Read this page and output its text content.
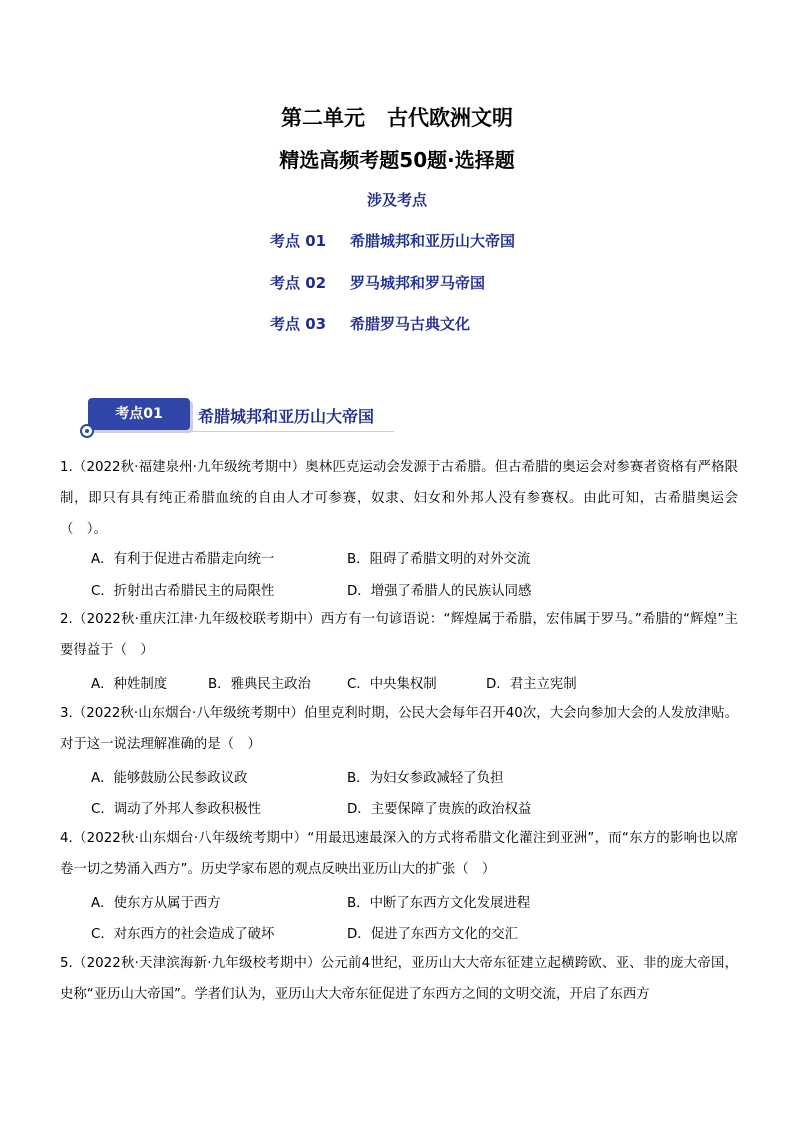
第二单元 古代欧洲文明
精选高频考题50题·选择题
涉及考点
考点 01 希腊城邦和亚历山大帝国
考点 02 罗马城邦和罗马帝国
考点 03 希腊罗马古典文化
考点01	希腊城邦和亚历山大帝国
1.（2022秋·福建泉州·九年级统考期中）奥林匹克运动会发源于古希腊。但古希腊的奥运会对参赛者资格有严格限制，即只有具有纯正希腊血统的自由人才可参赛，奴隶、妇女和外邦人没有参赛权。由此可知，古希腊奥运会（　）。
A．有利于促进古希腊走向统一	B．阻碍了希腊文明的对外交流
C．折射出古希腊民主的局限性	D．增强了希腊人的民族认同感
2.（2022秋·重庆江津·九年级校联考期中）西方有一句谚语说：“辉煌属于希腊，宏伟属于罗马。”希腊的“辉煌”主要得益于（　）
A．种姓制度	B．雅典民主政治	C．中央集权制	D．君主立宪制
3.（2022秋·山东烟台·八年级统考期中）伯里克利时期，公民大会每年召开40次，大会向参加大会的人发放津贴。对于这一说法理解准确的是（　）
A．能够鼓励公民参政议政	B．为妇女参政减轻了负担
C．调动了外邦人参政积极性	D．主要保障了贵族的政治权益
4.（2022秋·山东烟台·八年级统考期中）“用最迅速最深入的方式将希腊文化灌注到亚洲”，而“东方的影响也以席卷一切之势涌入西方”。历史学家布恩的观点反映出亚历山大的扩张（　）
A．使东方从属于西方	B．中断了东西方文化发展进程
C．对东西方的社会造成了破坏	D．促进了东西方文化的交汇
5.（2022秋·天津滨海新·九年级校考期中）公元前4世纪，亚历山大大帝东征建立起横跨欧、亚、非的庞大帝国，史称“亚历山大帝国”。学者们认为，亚历山大大帝东征促进了东西方之间的文明交流，开启了东西方
